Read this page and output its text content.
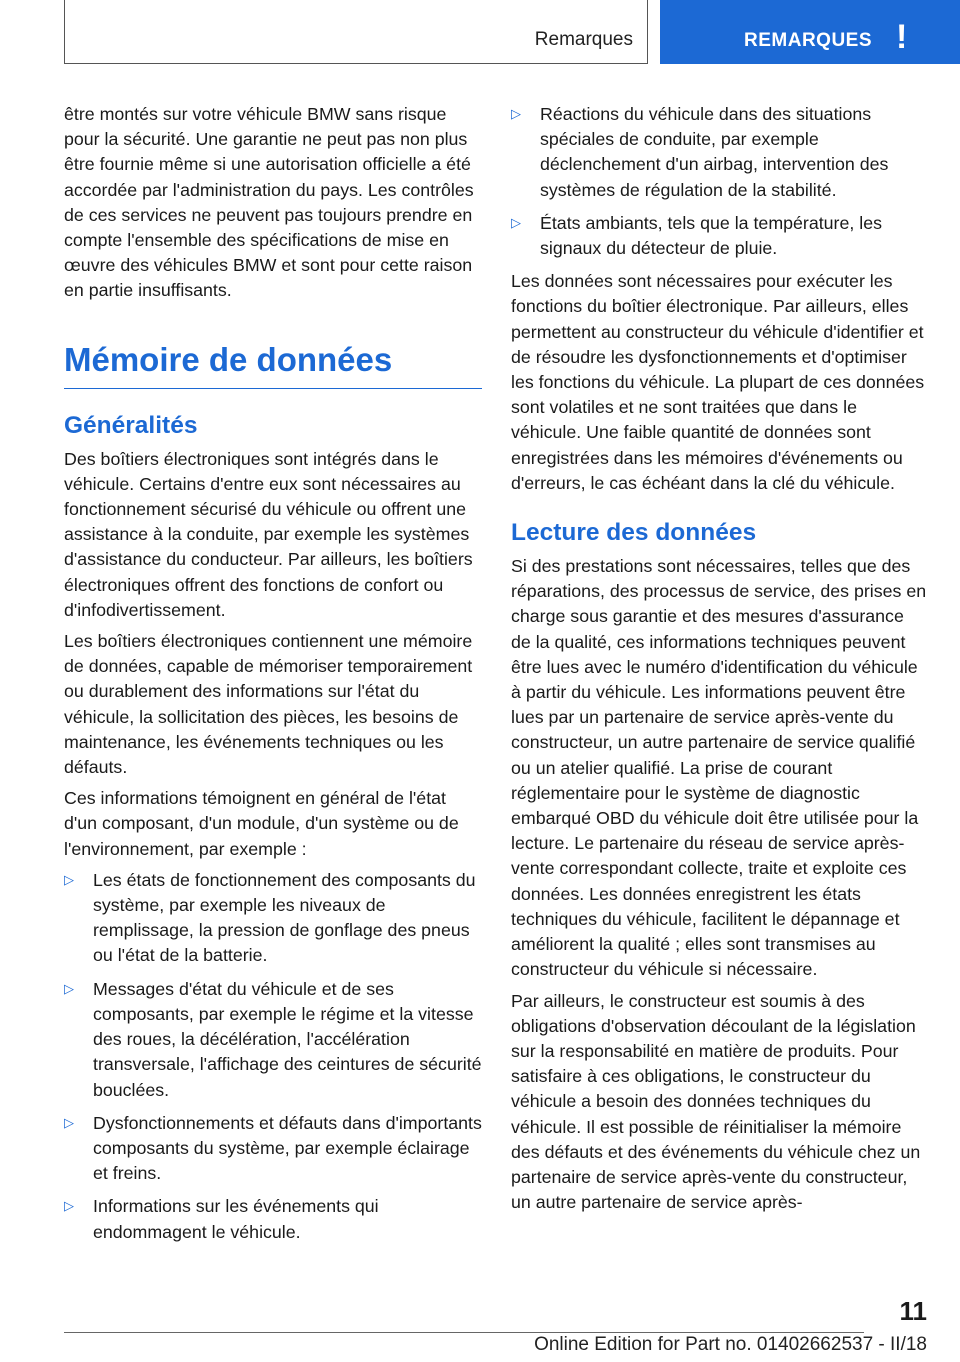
Remarques	REMARQUES !

être montés sur votre véhicule BMW sans risque pour la sécurité. Une garantie ne peut pas non plus être fournie même si une autorisation officielle a été accordée par l'administration du pays. Les contrôles de ces services ne peuvent pas toujours prendre en compte l'ensemble des spécifications de mise en œuvre des véhicules BMW et sont pour cette raison en partie insuffisants.

Mémoire de données
Généralités

Des boîtiers électroniques sont intégrés dans le véhicule. Certains d'entre eux sont nécessaires au fonctionnement sécurisé du véhicule ou offrent une assistance à la conduite, par exemple les systèmes d'assistance du conducteur. Par ailleurs, les boîtiers électroniques offrent des fonctions de confort ou d'infodivertissement.

Les boîtiers électroniques contiennent une mémoire de données, capable de mémoriser temporairement ou durablement des informations sur l'état du véhicule, la sollicitation des pièces, les besoins de maintenance, les événements techniques ou les défauts.

Ces informations témoignent en général de l'état d'un composant, d'un module, d'un système ou de l'environnement, par exemple :

▷ Les états de fonctionnement des composants du système, par exemple les niveaux de remplissage, la pression de gonflage des pneus ou l'état de la batterie.
▷ Messages d'état du véhicule et de ses composants, par exemple le régime et la vitesse des roues, la décélération, l'accélération transversale, l'affichage des ceintures de sécurité bouclées.
▷ Dysfonctionnements et défauts dans d'importants composants du système, par exemple éclairage et freins.
▷ Informations sur les événements qui endommagent le véhicule.
▷ Réactions du véhicule dans des situations spéciales de conduite, par exemple déclenchement d'un airbag, intervention des systèmes de régulation de la stabilité.
▷ États ambiants, tels que la température, les signaux du détecteur de pluie.

Les données sont nécessaires pour exécuter les fonctions du boîtier électronique. Par ailleurs, elles permettent au constructeur du véhicule d'identifier et de résoudre les dysfonctionnements et d'optimiser les fonctions du véhicule. La plupart de ces données sont volatiles et ne sont traitées que dans le véhicule. Une faible quantité de données sont enregistrées dans les mémoires d'événements ou d'erreurs, le cas échéant dans la clé du véhicule.

Lecture des données

Si des prestations sont nécessaires, telles que des réparations, des processus de service, des prises en charge sous garantie et des mesures d'assurance de la qualité, ces informations techniques peuvent être lues avec le numéro d'identification du véhicule à partir du véhicule. Les informations peuvent être lues par un partenaire de service après-vente du constructeur, un autre partenaire de service qualifié ou un atelier qualifié. La prise de courant réglementaire pour le système de diagnostic embarqué OBD du véhicule doit être utilisée pour la lecture. Le partenaire du réseau de service après-vente correspondant collecte, traite et exploite ces données. Les données enregistrent les états techniques du véhicule, facilitent le dépannage et améliorent la qualité ; elles sont transmises au constructeur du véhicule si nécessaire.

Par ailleurs, le constructeur est soumis à des obligations d'observation découlant de la législation sur la responsabilité en matière de produits. Pour satisfaire à ces obligations, le constructeur du véhicule a besoin des données techniques du véhicule. Il est possible de réinitialiser la mémoire des défauts et des événements du véhicule chez un partenaire de service après-vente du constructeur, un autre partenaire de service après-

11
Online Edition for Part no. 01402662537 - II/18
